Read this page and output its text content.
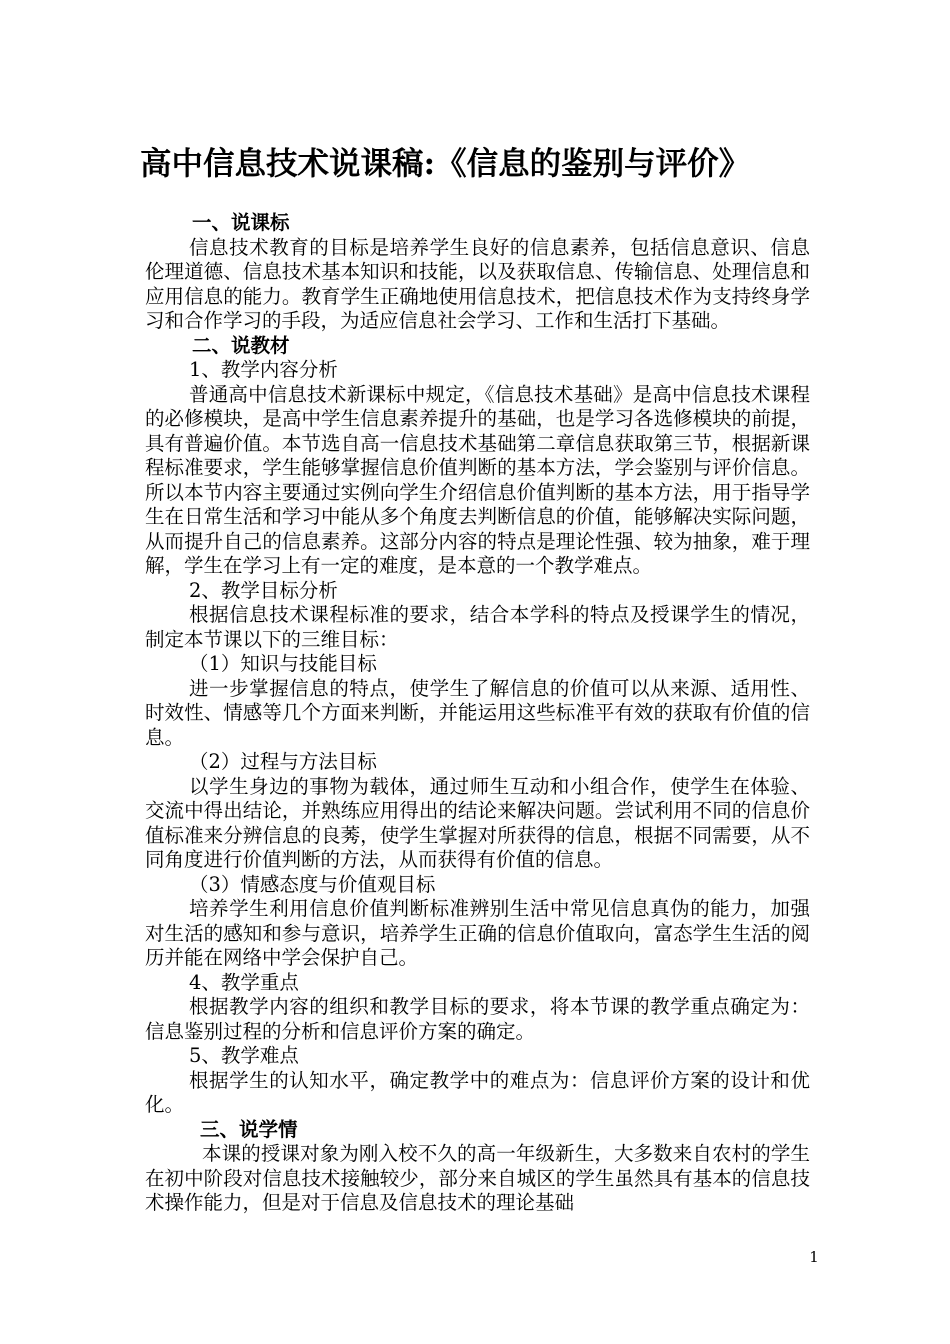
高中信息技术说课稿:《信息的鉴别与评价》

一、说课标

信息技术教育的目标是培养学生良好的信息素养，包括信息意识、信息伦理道德、信息技术基本知识和技能，以及获取信息、传输信息、处理信息和应用信息的能力。教育学生正确地使用信息技术，把信息技术作为支持终身学习和合作学习的手段，为适应信息社会学习、工作和生活打下基础。

二、说教材

1、教学内容分析

普通高中信息技术新课标中规定，《信息技术基础》是高中信息技术课程的必修模块，是高中学生信息素养提升的基础，也是学习各选修模块的前提，具有普遍价值。本节选自高一信息技术基础第二章信息获取第三节，根据新课程标准要求，学生能够掌握信息价值判断的基本方法，学会鉴别与评价信息。所以本节内容主要通过实例向学生介绍信息价值判断的基本方法，用于指导学生在日常生活和学习中能从多个角度去判断信息的价值，能够解决实际问题，从而提升自己的信息素养。这部分内容的特点是理论性强、较为抽象，难于理解，学生在学习上有一定的难度，是本意的一个教学难点。

2、教学目标分析

根据信息技术课程标准的要求，结合本学科的特点及授课学生的情况，制定本节课以下的三维目标：

（1）知识与技能目标

进一步掌握信息的特点，使学生了解信息的价值可以从来源、适用性、时效性、情感等几个方面来判断，并能运用这些标准平有效的获取有价值的信息。

（2）过程与方法目标

以学生身边的事物为载体，通过师生互动和小组合作，使学生在体验、交流中得出结论，并熟练应用得出的结论来解决问题。尝试利用不同的信息价值标准来分辨信息的良莠，使学生掌握对所获得的信息，根据不同需要，从不同角度进行价值判断的方法，从而获得有价值的信息。

（3）情感态度与价值观目标

培养学生利用信息价值判断标准辨别生活中常见信息真伪的能力，加强对生活的感知和参与意识，培养学生正确的信息价值取向，富态学生生活的阅历并能在网络中学会保护自己。

4、教学重点

根据教学内容的组织和教学目标的要求，将本节课的教学重点确定为：信息鉴别过程的分析和信息评价方案的确定。

5、教学难点

根据学生的认知水平，确定教学中的难点为：信息评价方案的设计和优化。

三、说学情

本课的授课对象为刚入校不久的高一年级新生，大多数来自农村的学生在初中阶段对信息技术接触较少，部分来自城区的学生虽然具有基本的信息技术操作能力，但是对于信息及信息技术的理论基础

1
